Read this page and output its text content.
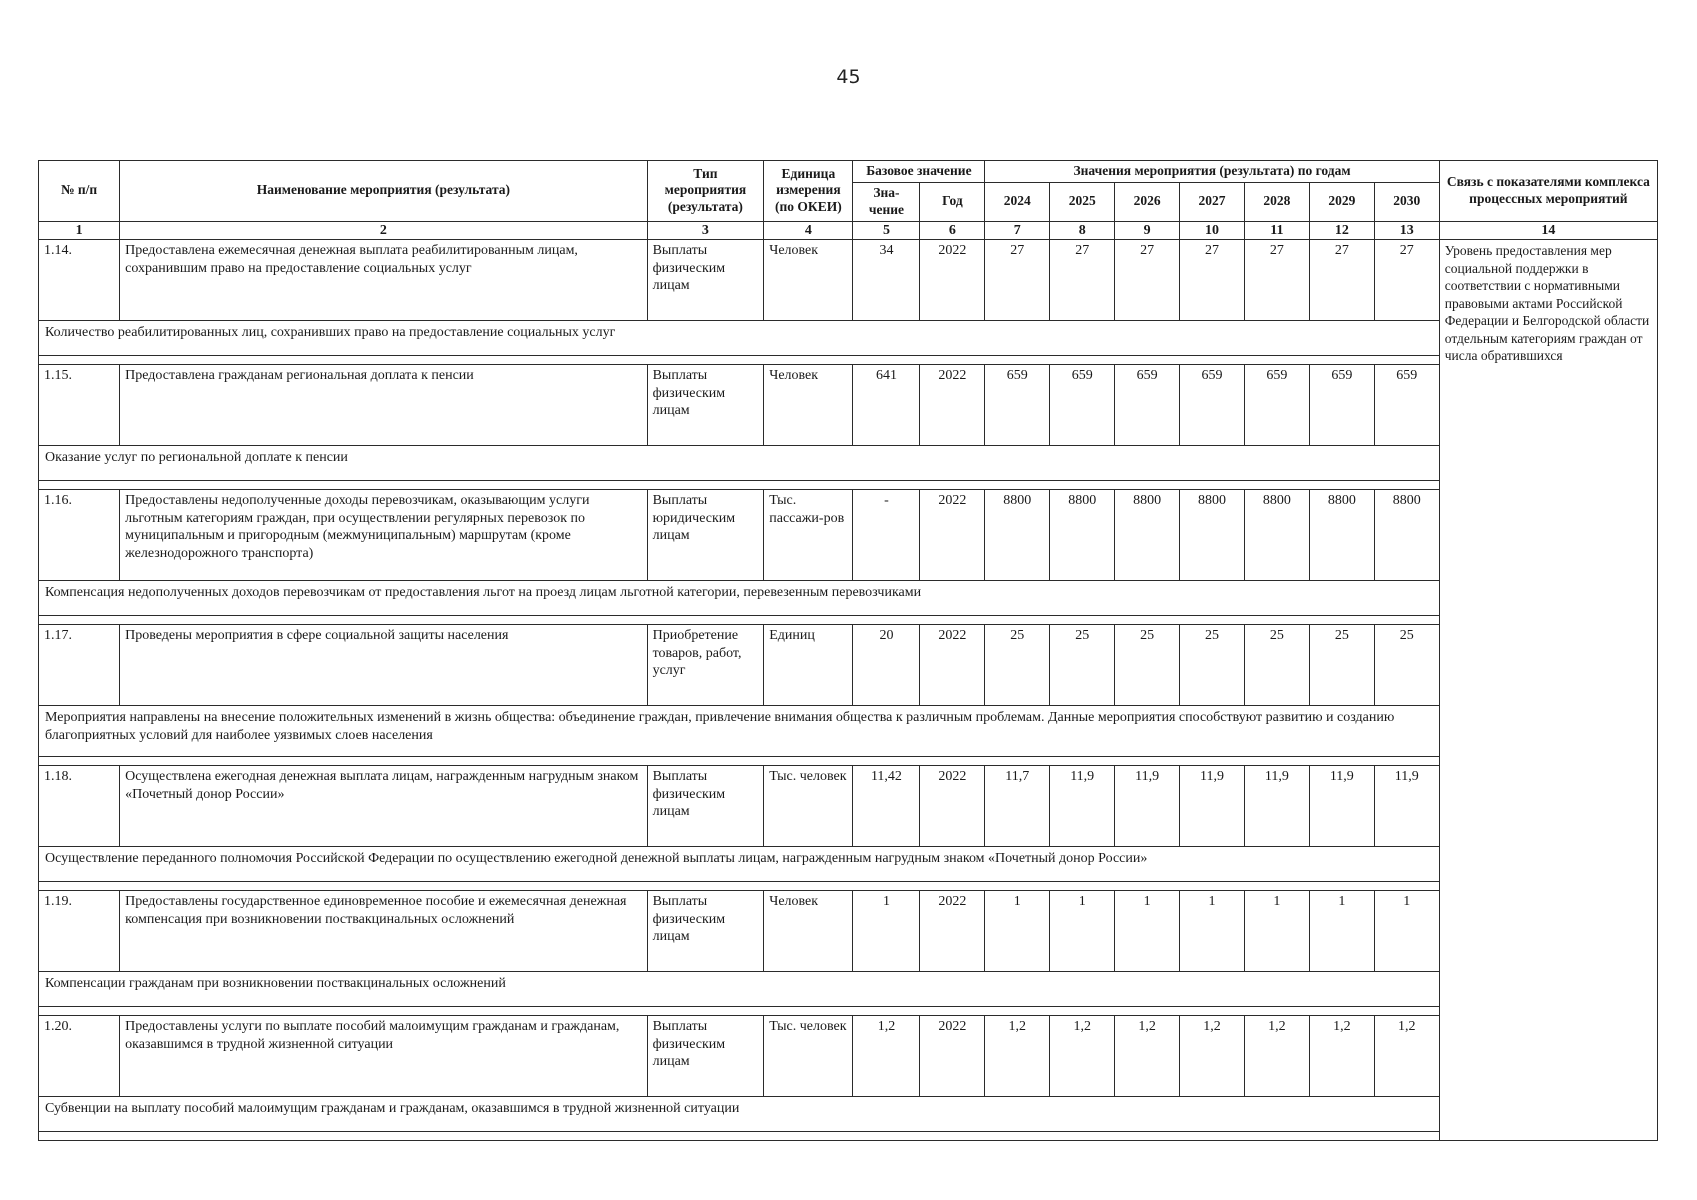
45
№ п/п	Наименование мероприятия (результата)	Тип мероприятия (результата)	Единица измерения (по ОКЕИ)	Базовое значение		Значения мероприятия (результата) по годам							Связь с показателями комплекса процессных мероприятий
				Зна-чение	Год	2024	2025	2026	2027	2028	2029	2030	
1	2	3	4	5	6	7	8	9	10	11	12	13	14
1.14.	Предоставлена ежемесячная денежная выплата реабилитированным лицам, сохранившим право на предоставление социальных услуг	Выплаты физическим лицам	Человек	34	2022	27	27	27	27	27	27	27	Уровень предоставления мер социальной поддержки в соответствии с нормативными правовыми актами Российской Федерации и Белгородской области отдельным категориям граждан от числа обратившихся
Количество реабилитированных лиц, сохранивших право на предоставление социальных услуг													

1.15.	Предоставлена гражданам региональная доплата к пенсии	Выплаты физическим лицам	Человек	641	2022	659	659	659	659	659	659	659	
Оказание услуг по региональной доплате к пенсии													

1.16.	Предоставлены недополученные доходы перевозчикам, оказывающим услуги льготным категориям граждан, при осуществлении регулярных перевозок по муниципальным и пригородным (межмуниципальным) маршрутам (кроме железнодорожного транспорта)	Выплаты юридическим лицам	Тыс. пассажи-ров	-	2022	8800	8800	8800	8800	8800	8800	8800	
Компенсация недополученных доходов перевозчикам от предоставления льгот на проезд лицам льготной категории, перевезенным перевозчиками													

1.17.	Проведены мероприятия в сфере социальной защиты населения	Приобретение товаров, работ, услуг	Единиц	20	2022	25	25	25	25	25	25	25	
Мероприятия направлены на внесение положительных изменений в жизнь общества: объединение граждан, привлечение внимания общества к различным проблемам. Данные мероприятия способствуют развитию и созданию благоприятных условий для наиболее уязвимых слоев населения													

1.18.	Осуществлена ежегодная денежная выплата лицам, награжденным нагрудным знаком «Почетный донор России»	Выплаты физическим лицам	Тыс. человек	11,42	2022	11,7	11,9	11,9	11,9	11,9	11,9	11,9	
Осуществление переданного полномочия Российской Федерации по осуществлению ежегодной денежной выплаты лицам, награжденным нагрудным знаком «Почетный донор России»													

1.19.	Предоставлены государственное единовременное пособие и ежемесячная денежная компенсация при возникновении поствакцинальных осложнений	Выплаты физическим лицам	Человек	1	2022	1	1	1	1	1	1	1	
Компенсации гражданам при возникновении поствакцинальных осложнений													

1.20.	Предоставлены услуги по выплате пособий малоимущим гражданам и гражданам, оказавшимся в трудной жизненной ситуации	Выплаты физическим лицам	Тыс. человек	1,2	2022	1,2	1,2	1,2	1,2	1,2	1,2	1,2	
Субвенции на выплату пособий малоимущим гражданам и гражданам, оказавшимся в трудной жизненной ситуации													
